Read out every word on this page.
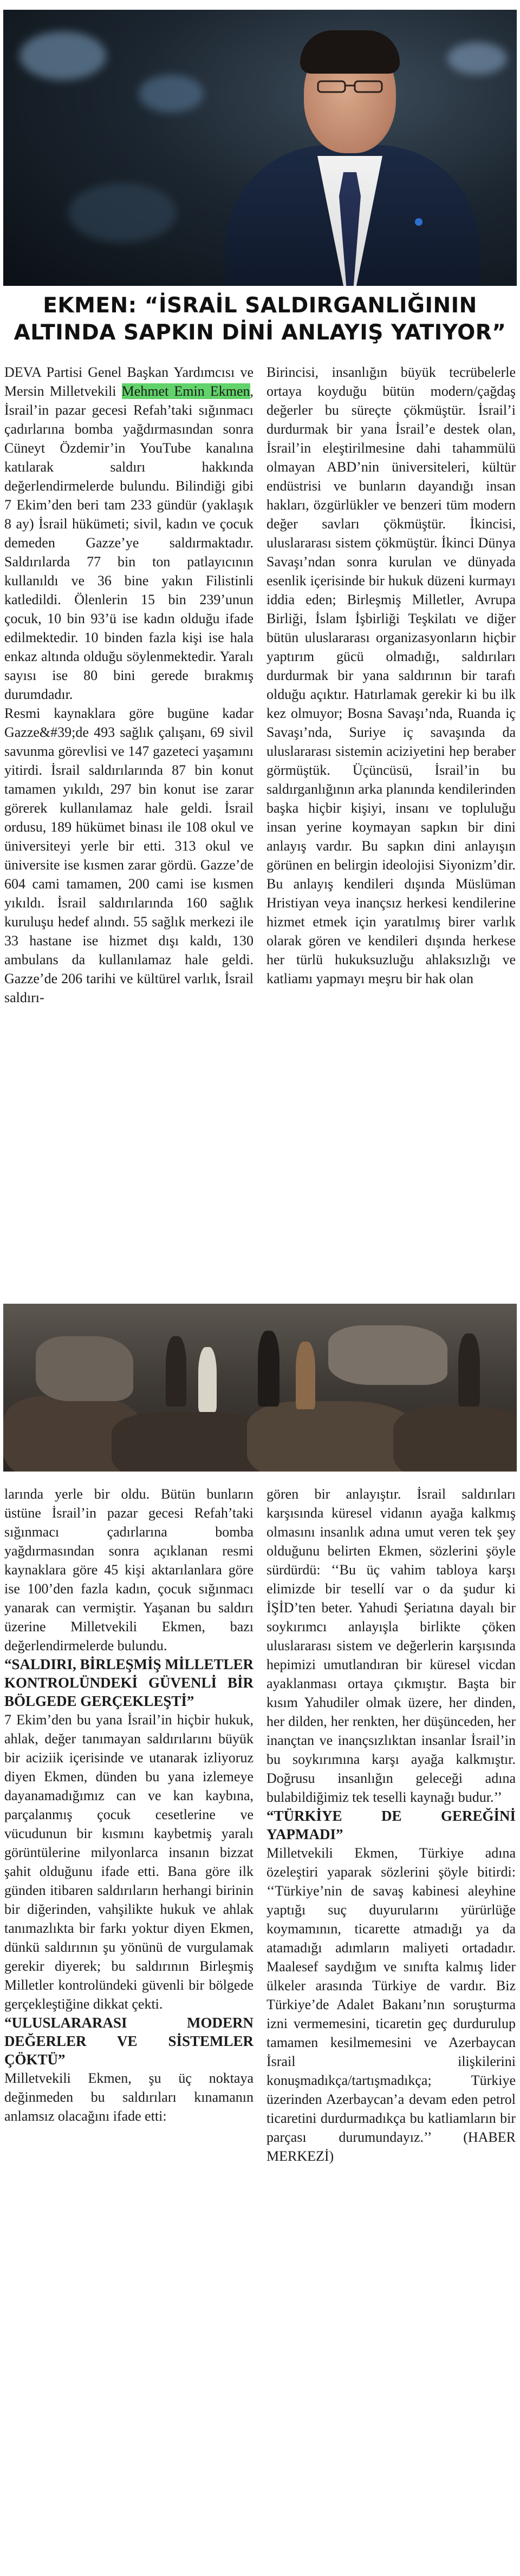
EKMEN: “İSRAİL SALDIRGANLIĞININ ALTINDA SAPKIN DİNİ ANLAYIŞ YATIYOR”

DEVA Partisi Genel Başkan Yardımcısı ve Mersin Milletvekili Mehmet Emin Ekmen, İsrail’in pazar gecesi Refah’taki sığınmacı çadırlarına bomba yağdırmasından sonra Cüneyt Özdemir’in YouTube kanalına katılarak saldırı hakkında değerlendirmelerde bulundu. Bilindiği gibi 7 Ekim’den beri tam 233 gündür (yaklaşık 8 ay) İsrail hükümeti; sivil, kadın ve çocuk demeden Gazze’ye saldırmaktadır. Saldırılarda 77 bin ton patlayıcının kullanıldı ve 36 bine yakın Filistinli katledildi. Ölenlerin 15 bin 239’unun çocuk, 10 bin 93’ü ise kadın olduğu ifade edilmektedir. 10 binden fazla kişi ise hala enkaz altında olduğu söylenmektedir. Yaralı sayısı ise 80 bini gerede bırakmış durumdadır.

Resmi kaynaklara göre bugüne kadar Gazze&#39;de 493 sağlık çalışanı, 69 sivil savunma görevlisi ve 147 gazeteci yaşamını yitirdi. İsrail saldırılarında 87 bin konut tamamen yıkıldı, 297 bin konut ise zarar görerek kullanılamaz hale geldi. İsrail ordusu, 189 hükümet binası ile 108 okul ve üniversiteyi yerle bir etti. 313 okul ve üniversite ise kısmen zarar gördü. Gazze’de 604 cami tamamen, 200 cami ise kısmen yıkıldı. İsrail saldırılarında 160 sağlık kuruluşu hedef alındı. 55 sağlık merkezi ile 33 hastane ise hizmet dışı kaldı, 130 ambulans da kullanılamaz hale geldi. Gazze’de 206 tarihi ve kültürel varlık, İsrail saldırı-

Birincisi, insanlığın büyük tecrübelerle ortaya koyduğu bütün modern/çağdaş değerler bu süreçte çökmüştür. İsrail’i durdurmak bir yana İsrail’e destek olan, İsrail’in eleştirilmesine dahi tahammülü olmayan ABD’nin üniversiteleri, kültür endüstrisi ve bunların dayandığı insan hakları, özgürlükler ve benzeri tüm modern değer savları çökmüştür. İkincisi, uluslararası sistem çökmüştür. İkinci Dünya Savaşı’ndan sonra kurulan ve dünyada esenlik içerisinde bir hukuk düzeni kurmayı iddia eden; Birleşmiş Milletler, Avrupa Birliği, İslam İşbirliği Teşkilatı ve diğer bütün uluslararası organizasyonların hiçbir yaptırım gücü olmadığı, saldırıları durdurmak bir yana saldırının bir tarafı olduğu açıktır. Hatırlamak gerekir ki bu ilk kez olmuyor; Bosna Savaşı’nda, Ruanda iç Savaşı’nda, Suriye iç savaşında da uluslararası sistemin aciziyetini hep beraber görmüştük. Üçüncüsü, İsrail’in bu saldırganlığının arka planında kendilerinden başka hiçbir kişiyi, insanı ve topluluğu insan yerine koymayan sapkın bir dini anlayış vardır. Bu sapkın dini anlayışın görünen en belirgin ideolojisi Siyonizm’dir. Bu anlayış kendileri dışında Müslüman Hristiyan veya inançsız herkesi kendilerine hizmet etmek için yaratılmış birer varlık olarak gören ve kendileri dışında herkese her türlü hukuksuzluğu ahlaksızlığı ve katliamı yapmayı meşru bir hak olan

larında yerle bir oldu. Bütün bunların üstüne İsrail’in pazar gecesi Refah’taki sığınmacı çadırlarına bomba yağdırmasından sonra açıklanan resmi kaynaklara göre 45 kişi aktarılanlara göre ise 100’den fazla kadın, çocuk sığınmacı yanarak can vermiştir. Yaşanan bu saldırı üzerine Milletvekili Ekmen, bazı değerlendirmelerde bulundu.

“SALDIRI, BİRLEŞMİŞ MİLLETLER KONTROLÜNDEKİ GÜVENLİ BİR BÖLGEDE GERÇEKLEŞTİ”

7 Ekim’den bu yana İsrail’in hiçbir hukuk, ahlak, değer tanımayan saldırılarını büyük bir aciziik içerisinde ve utanarak izliyoruz diyen Ekmen, dünden bu yana izlemeye dayanamadığımız can ve kan kaybına, parçalanmış çocuk cesetlerine ve vücudunun bir kısmını kaybetmiş yaralı görüntülerine milyonlarca insanın bizzat şahit olduğunu ifade etti. Bana göre ilk günden itibaren saldırıların herhangi birinin bir diğerinden, vahşilikte hukuk ve ahlak tanımazlıkta bir farkı yoktur diyen Ekmen, dünkü saldırının şu yönünü de vurgulamak gerekir diyerek; bu saldırının Birleşmiş Milletler kontrolündeki güvenli bir bölgede gerçekleştiğine dikkat çekti.

“ULUSLARARASI MODERN DEĞERLER VE SİSTEMLER ÇÖKTÜ”

Milletvekili Ekmen, şu üç noktaya değinmeden bu saldırıları kınamanın anlamsız olacağını ifade etti:

gören bir anlayıştır. İsrail saldırıları karşısında küresel vidanın ayağa kalkmış olmasını insanlık adına umut veren tek şey olduğunu belirten Ekmen, sözlerini şöyle sürdürdü: ‘‘Bu üç vahim tabloya karşı elimizde bir tesellí var o da şudur ki İŞİD’ten beter. Yahudi Şeriatına dayalı bir soykırımcı anlayışla birlikte çöken uluslararası sistem ve değerlerin karşısında hepimizi umutlandıran bir küresel vicdan ayaklanması ortaya çıkmıştır. Başta bir kısım Yahudiler olmak üzere, her dinden, her dilden, her renkten, her düşünceden, her inançtan ve inançsızlıktan insanlar İsrail’in bu soykırımına karşı ayağa kalkmıştır. Doğrusu insanlığın geleceği adına bulabildiğimiz tek teselli kaynağı budur.’’

“TÜRKİYE DE GEREĞİNİ YAPMADI”

Milletvekili Ekmen, Türkiye adına özeleştiri yaparak sözlerini şöyle bitirdi: ‘‘Türkiye’nin de savaş kabinesi aleyhine yaptığı suç duyurularını yürürlüğe koymamının, ticarette atmadığı ya da atamadığı adımların maliyeti ortadadır. Maalesef saydığım ve sınıfta kalmış lider ülkeler arasında Türkiye de vardır. Biz Türkiye’de Adalet Bakanı’nın soruşturma izni vermemesini, ticaretin geç durdurulup tamamen kesilmemesini ve Azerbaycan İsrail ilişkilerini konuşmadıkça/tartışmadıkça; Türkiye üzerinden Azerbaycan’a devam eden petrol ticaretini durdurmadıkça bu katliamların bir parçası durumundayız.’’ (HABER MERKEZİ)
